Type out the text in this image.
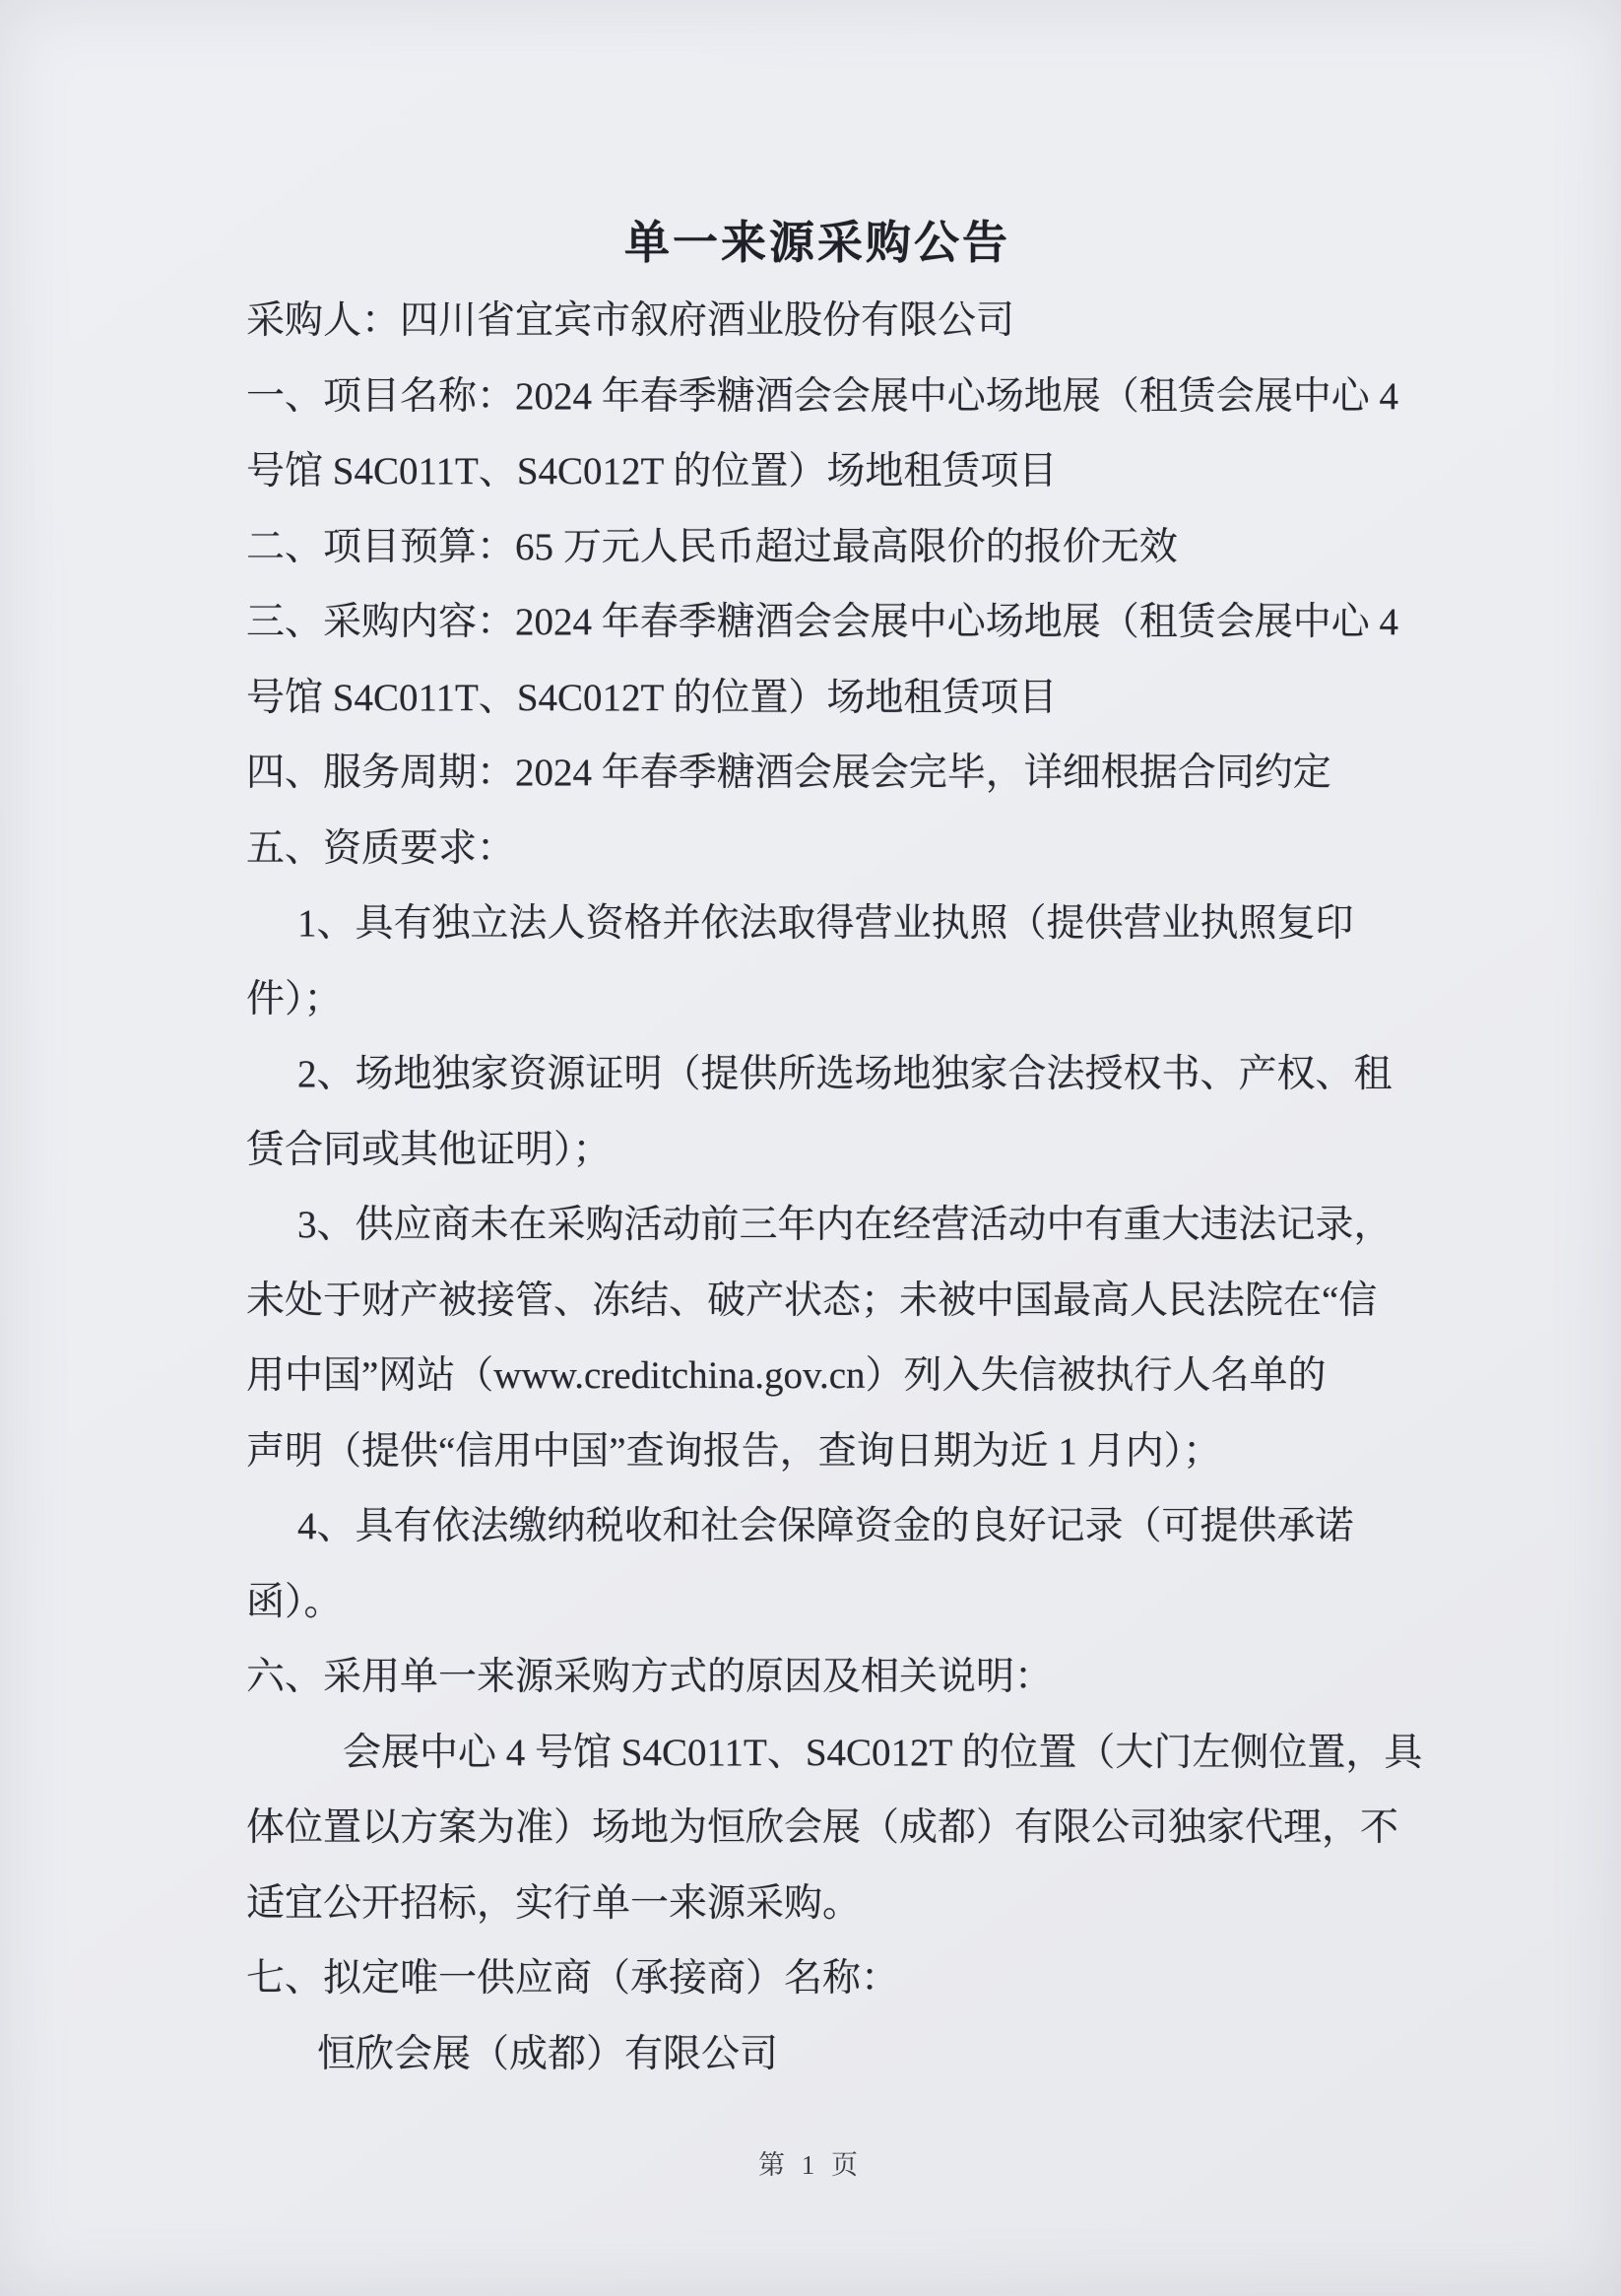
单一来源采购公告
采购人：四川省宜宾市叙府酒业股份有限公司
一、项目名称：2024 年春季糖酒会会展中心场地展（租赁会展中心 4
号馆 S4C011T、S4C012T 的位置）场地租赁项目
二、项目预算：65 万元人民币超过最高限价的报价无效
三、采购内容：2024 年春季糖酒会会展中心场地展（租赁会展中心 4
号馆 S4C011T、S4C012T 的位置）场地租赁项目
四、服务周期：2024 年春季糖酒会展会完毕，详细根据合同约定
五、资质要求：
1、具有独立法人资格并依法取得营业执照（提供营业执照复印
件）；
2、场地独家资源证明（提供所选场地独家合法授权书、产权、租
赁合同或其他证明）；
3、供应商未在采购活动前三年内在经营活动中有重大违法记录，
未处于财产被接管、冻结、破产状态；未被中国最高人民法院在“信
用中国”网站（www.creditchina.gov.cn）列入失信被执行人名单的
声明（提供“信用中国”查询报告，查询日期为近 1 月内）；
4、具有依法缴纳税收和社会保障资金的良好记录（可提供承诺
函）。
六、采用单一来源采购方式的原因及相关说明：
会展中心 4 号馆 S4C011T、S4C012T 的位置（大门左侧位置，具
体位置以方案为准）场地为恒欣会展（成都）有限公司独家代理，不
适宜公开招标，实行单一来源采购。
七、拟定唯一供应商（承接商）名称：
恒欣会展（成都）有限公司
第 1 页
